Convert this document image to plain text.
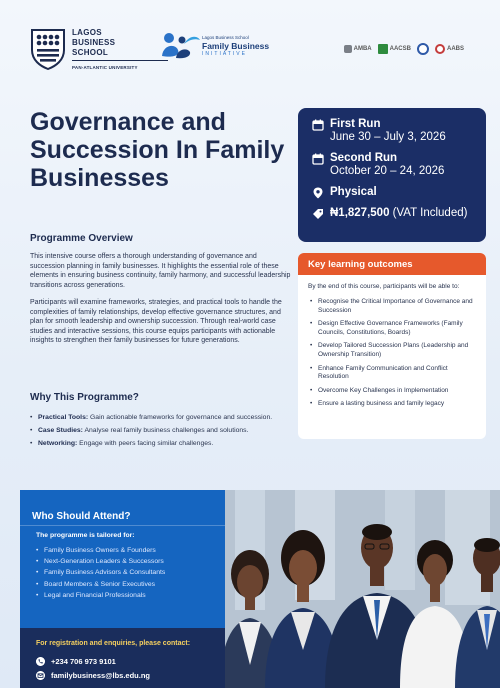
LAGOS
BUSINESS
SCHOOL
PAN-ATLANTIC UNIVERSITY
Lagos Business School
Family Business
INITIATIVE
AMBA	AACSB	AABS
Governance and
Succession In Family
Businesses
First Run
June 30 – July 3, 2026
Second Run
October 20 – 24, 2026
Physical
₦1,827,500 (VAT Included)
Programme Overview
This intensive course offers a thorough understanding of governance and succession planning in family businesses. It highlights the essential role of these elements in ensuring business continuity, family harmony, and successful leadership transitions across generations.
Participants will examine frameworks, strategies, and practical tools to handle the complexities of family relationships, develop effective governance structures, and plan for smooth leadership and ownership succession. Through real-world case studies and interactive sessions, this course equips participants with actionable insights to strengthen their family businesses for future generations.
Key learning outcomes
By the end of this course, participants will be able to:
• Recognise the Critical Importance of Governance and Succession
• Design Effective Governance Frameworks (Family Councils, Constitutions, Boards)
• Develop Tailored Succession Plans (Leadership and Ownership Transition)
• Enhance Family Communication and Conflict Resolution
• Overcome Key Challenges in Implementation
• Ensure a lasting business and family legacy
Why This Programme?
• Practical Tools: Gain actionable frameworks for governance and succession.
• Case Studies: Analyse real family business challenges and solutions.
• Networking: Engage with peers facing similar challenges.
Who Should Attend?
The programme is tailored for:
• Family Business Owners & Founders
• Next-Generation Leaders & Successors
• Family Business Advisors & Consultants
• Board Members & Senior Executives
• Legal and Financial Professionals
For registration and enquiries, please contact:
+234 706 973 9101
familybusiness@lbs.edu.ng
